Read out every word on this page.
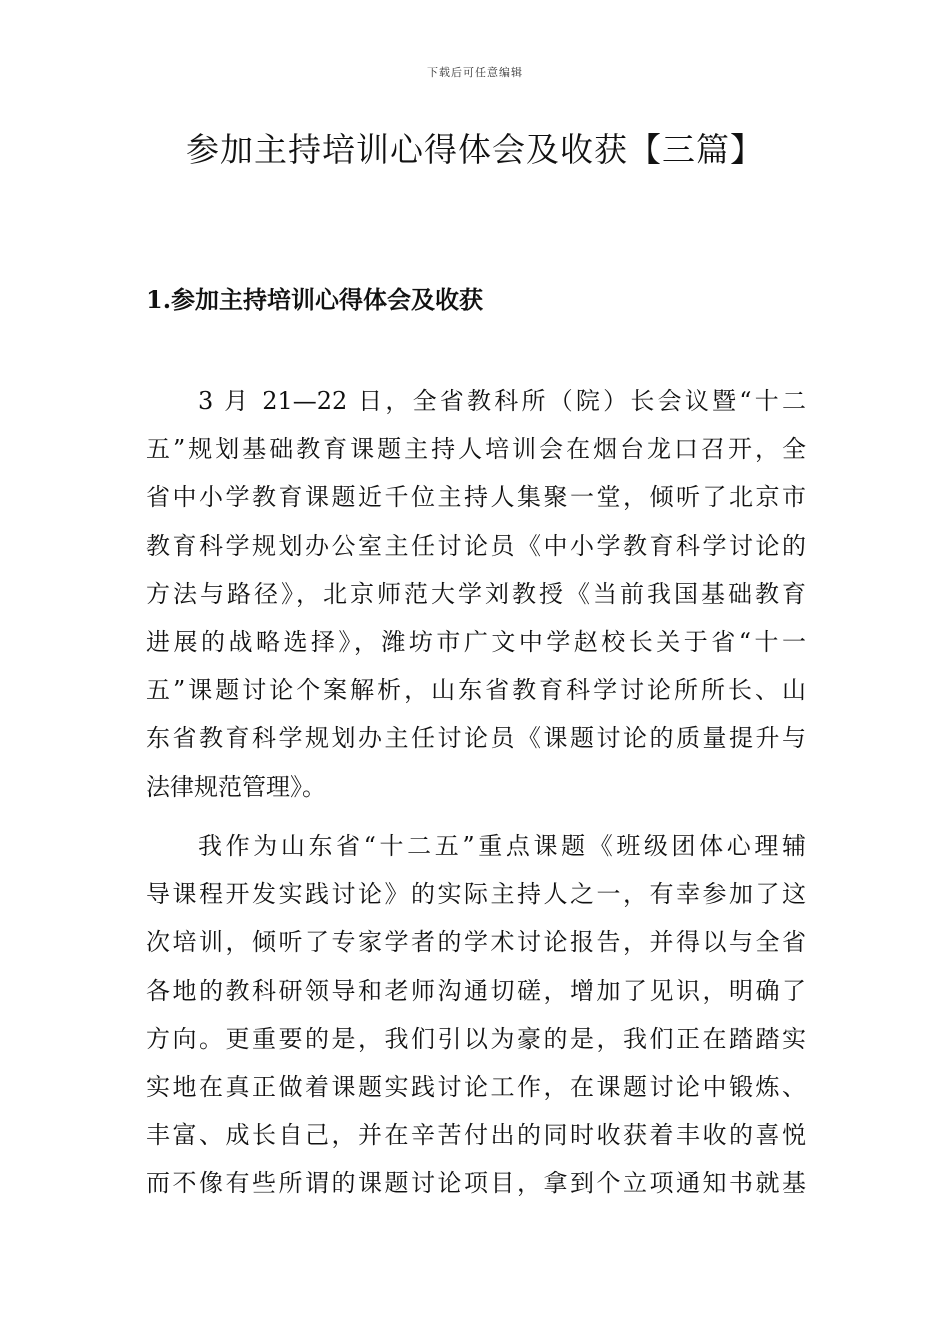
下载后可任意编辑
参加主持培训心得体会及收获【三篇】
1.参加主持培训心得体会及收获
3 月 21—22 日，全省教科所（院）长会议暨“十二
五”规划基础教育课题主持人培训会在烟台龙口召开，全
省中小学教育课题近千位主持人集聚一堂，倾听了北京市
教育科学规划办公室主任讨论员《中小学教育科学讨论的
方法与路径》，北京师范大学刘教授《当前我国基础教育
进展的战略选择》，潍坊市广文中学赵校长关于省“十一
五”课题讨论个案解析，山东省教育科学讨论所所长、山
东省教育科学规划办主任讨论员《课题讨论的质量提升与
法律规范管理》。
我作为山东省“十二五”重点课题《班级团体心理辅
导课程开发实践讨论》的实际主持人之一，有幸参加了这
次培训，倾听了专家学者的学术讨论报告，并得以与全省
各地的教科研领导和老师沟通切磋，增加了见识，明确了
方向。更重要的是，我们引以为豪的是，我们正在踏踏实
实地在真正做着课题实践讨论工作，在课题讨论中锻炼、
丰富、成长自己，并在辛苦付出的同时收获着丰收的喜悦
而不像有些所谓的课题讨论项目，拿到个立项通知书就基
